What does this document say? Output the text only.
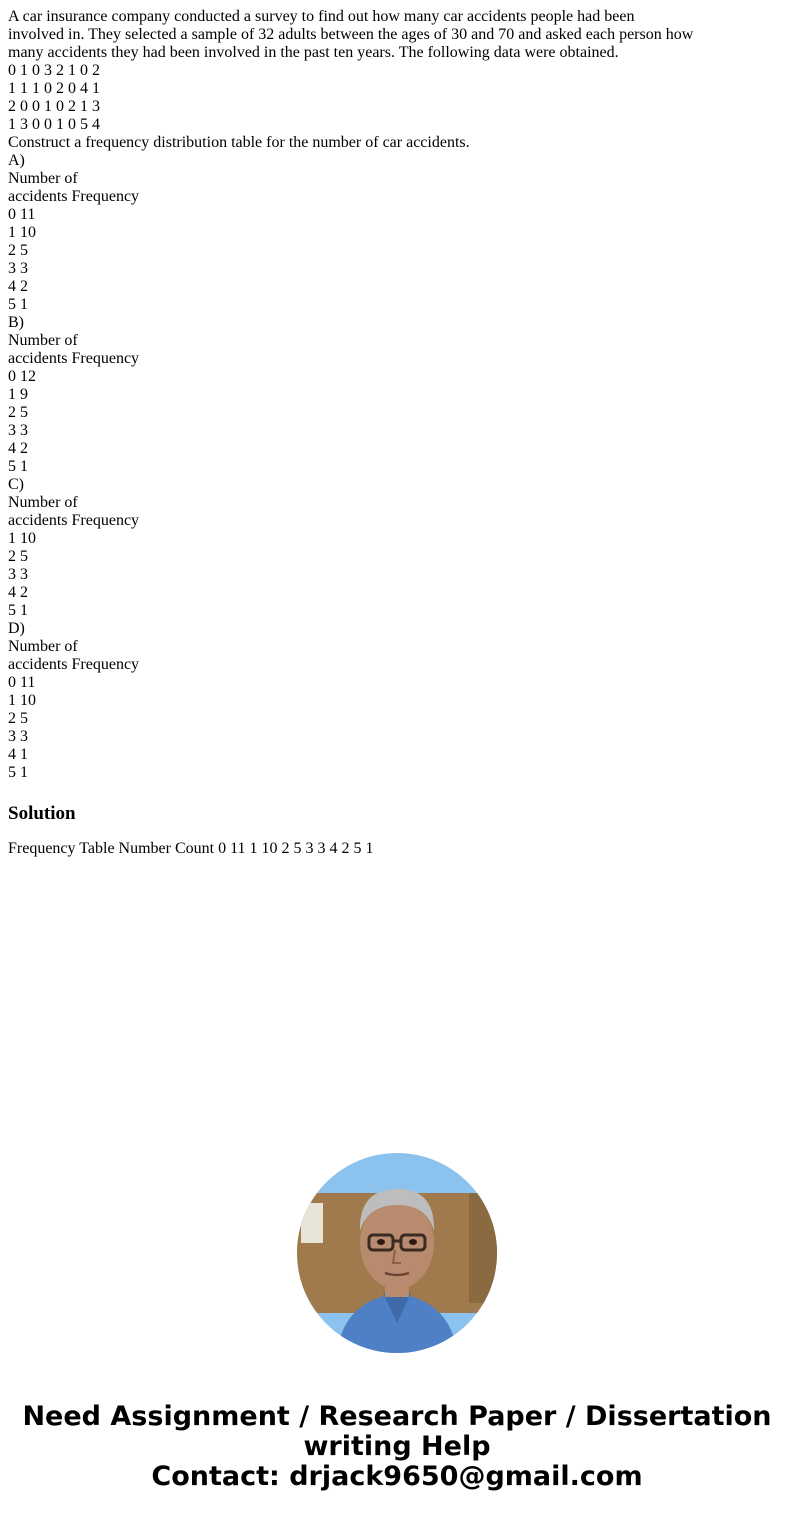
A car insurance company conducted a survey to find out how many car accidents people had been
involved in. They selected a sample of 32 adults between the ages of 30 and 70 and asked each person how
many accidents they had been involved in the past ten years. The following data were obtained.
0 1 0 3 2 1 0 2
1 1 1 0 2 0 4 1
2 0 0 1 0 2 1 3
1 3 0 0 1 0 5 4
Construct a frequency distribution table for the number of car accidents.
A)
Number of
accidents Frequency
0 11
1 10
2 5
3 3
4 2
5 1
B)
Number of
accidents Frequency
0 12
1 9
2 5
3 3
4 2
5 1
C)
Number of
accidents Frequency
1 10
2 5
3 3
4 2
5 1
D)
Number of
accidents Frequency
0 11
1 10
2 5
3 3
4 1
5 1
Solution
Frequency Table Number Count 0 11 1 10 2 5 3 3 4 2 5 1
Need Assignment / Research Paper / Dissertation
writing Help
Contact: drjack9650@gmail.com
